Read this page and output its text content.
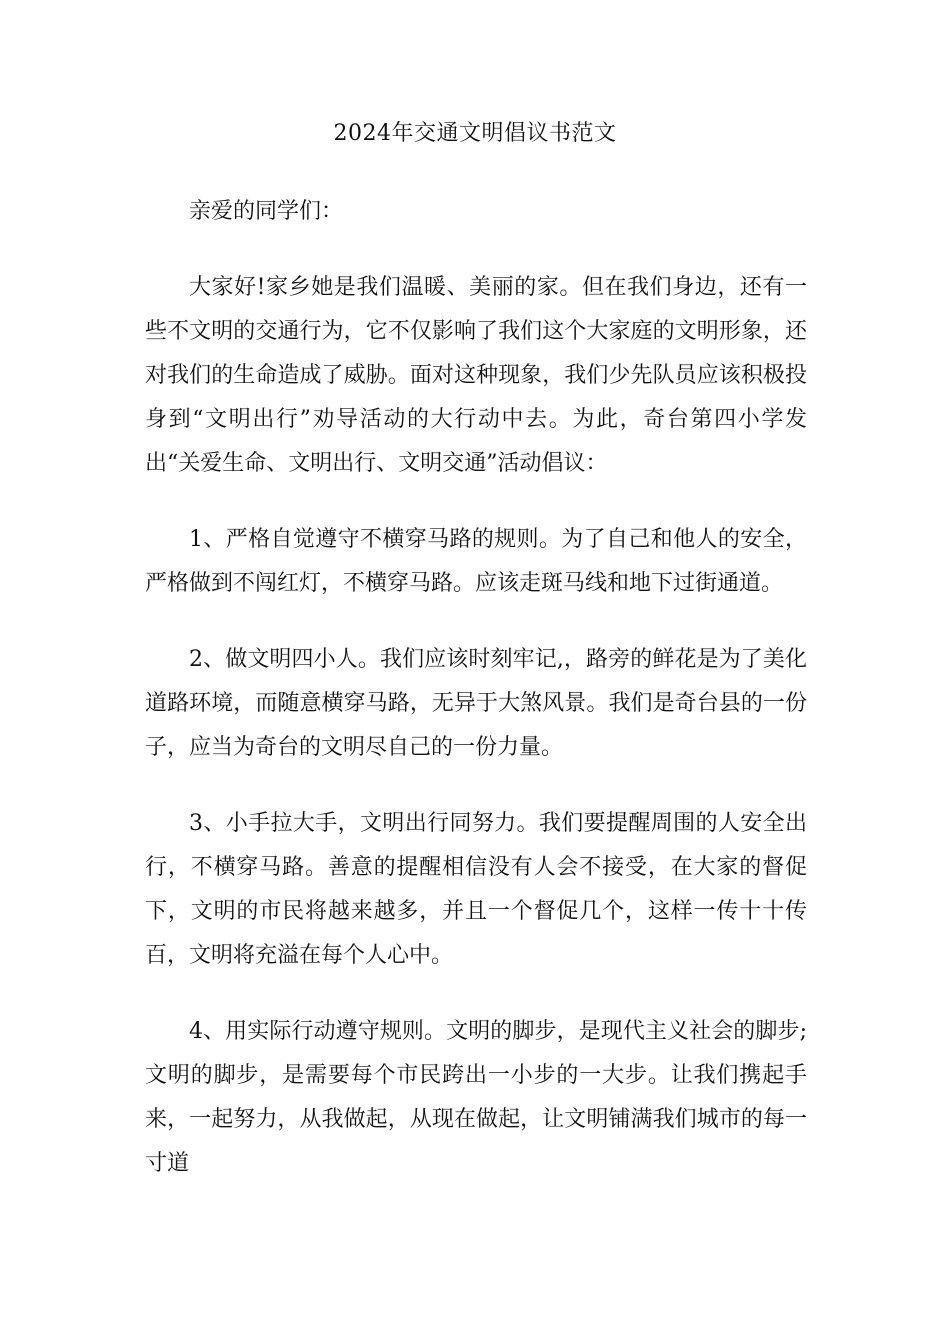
2024年交通文明倡议书范文

亲爱的同学们：

大家好!家乡她是我们温暖、美丽的家。但在我们身边，还有一些不文明的交通行为，它不仅影响了我们这个大家庭的文明形象，还对我们的生命造成了威胁。面对这种现象，我们少先队员应该积极投身到“文明出行”劝导活动的大行动中去。为此，奇台第四小学发出“关爱生命、文明出行、文明交通”活动倡议：

1、严格自觉遵守不横穿马路的规则。为了自己和他人的安全，严格做到不闯红灯，不横穿马路。应该走斑马线和地下过街通道。

2、做文明四小人。我们应该时刻牢记,，路旁的鲜花是为了美化道路环境，而随意横穿马路，无异于大煞风景。我们是奇台县的一份子，应当为奇台的文明尽自己的一份力量。

3、小手拉大手，文明出行同努力。我们要提醒周围的人安全出行，不横穿马路。善意的提醒相信没有人会不接受，在大家的督促下，文明的市民将越来越多，并且一个督促几个，这样一传十十传百，文明将充溢在每个人心中。

4、用实际行动遵守规则。文明的脚步，是现代主义社会的脚步;文明的脚步，是需要每个市民跨出一小步的一大步。让我们携起手来，一起努力，从我做起，从现在做起，让文明铺满我们城市的每一寸道
